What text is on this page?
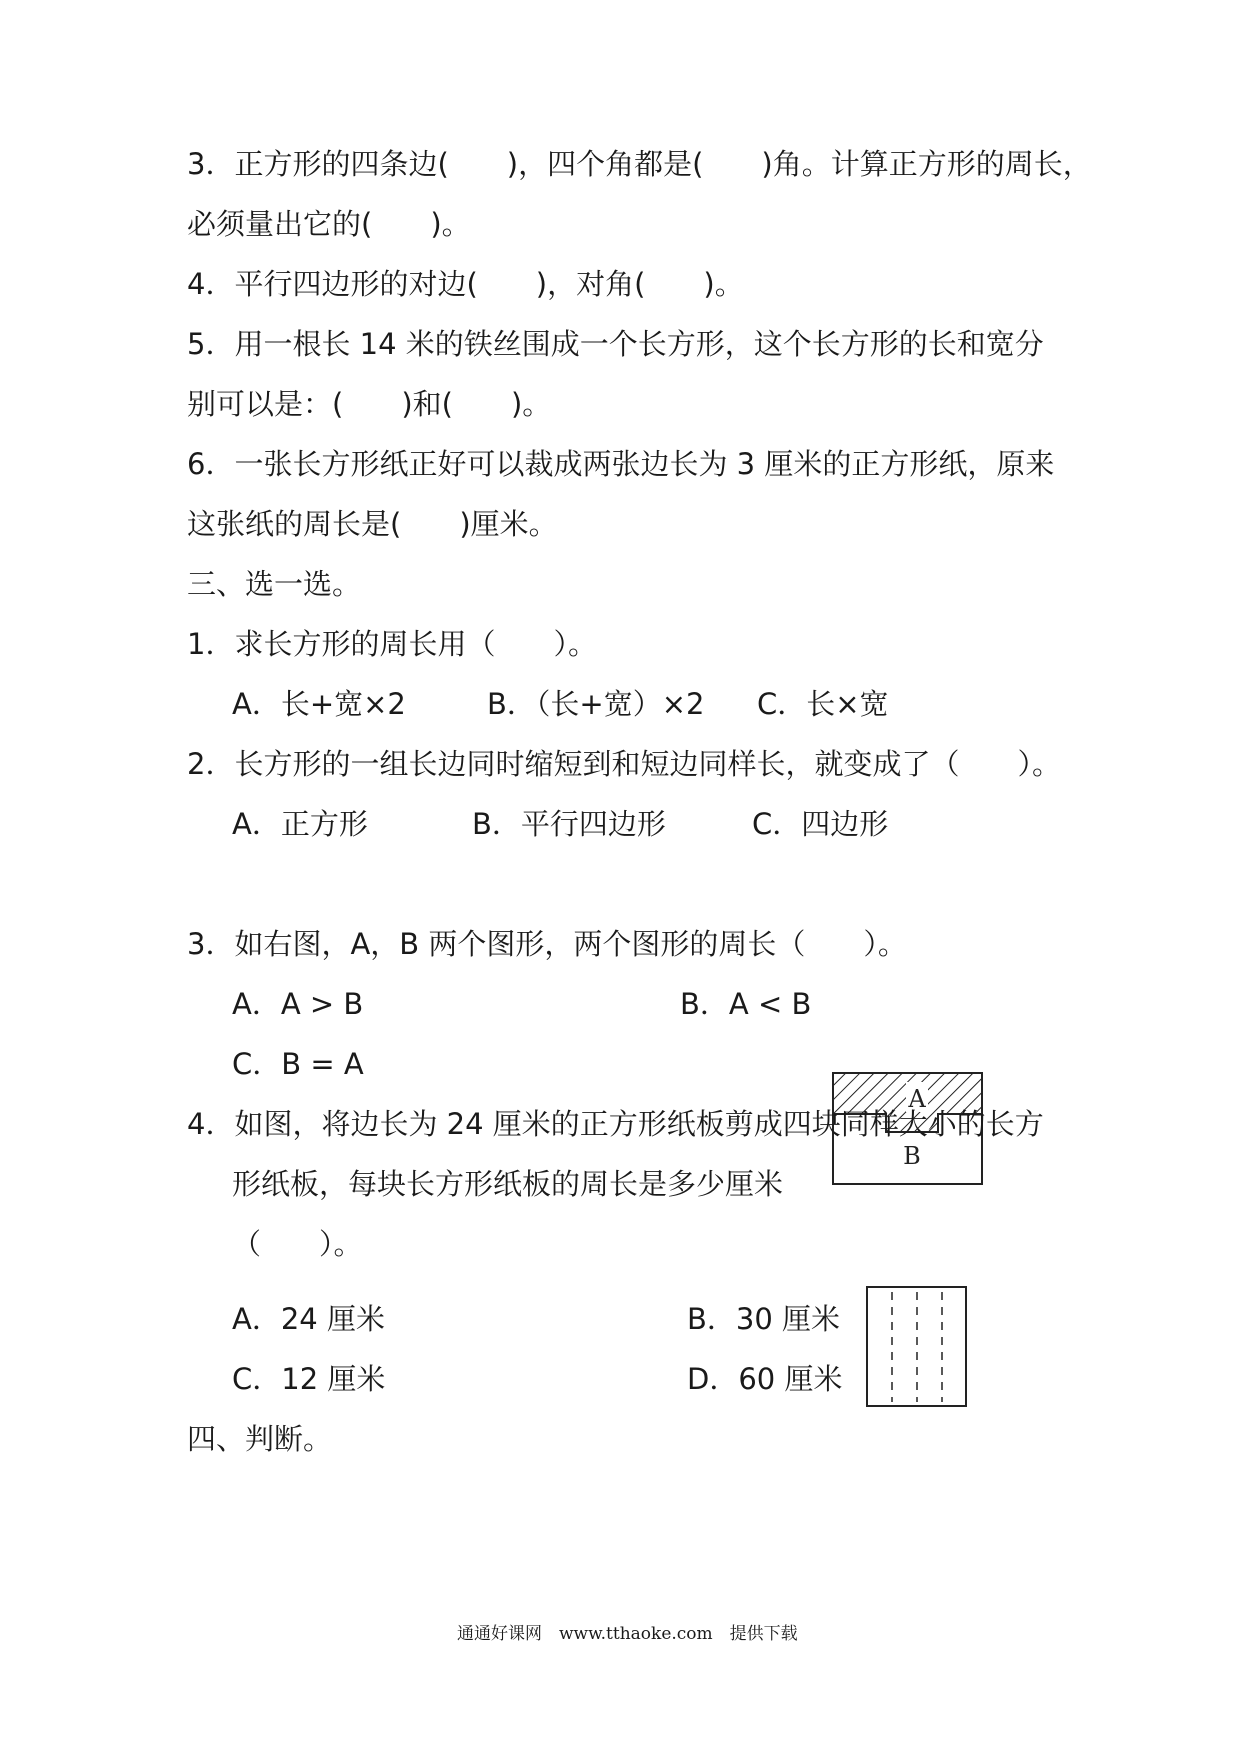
3．正方形的四条边(　　)，四个角都是(　　)角。计算正方形的周长，
必须量出它的(　　)。
4．平行四边形的对边(　　)，对角(　　)。
5．用一根长 14 米的铁丝围成一个长方形，这个长方形的长和宽分
别可以是：(　　)和(　　)。
6．一张长方形纸正好可以裁成两张边长为 3 厘米的正方形纸，原来
这张纸的周长是(　　)厘米。
三、选一选。
1．求长方形的周长用（　　）。
A．长+宽×2	B．（长+宽）×2 C．长×宽
2．长方形的一组长边同时缩短到和短边同样长，就变成了（　　）。
A．正方形	B．平行四边形	C．四边形
3．如右图，A，B 两个图形，两个图形的周长（　　）。
A．A > B	B．A < B
C．B = A
A
B
4．如图，将边长为 24 厘米的正方形纸板剪成四块同样大小的长方
形纸板，每块长方形纸板的周长是多少厘米
（　　）。
A．24 厘米	B．30 厘米
C．12 厘米	D．60 厘米
四、判断。
通通好课网　www.tthaoke.com　提供下载
